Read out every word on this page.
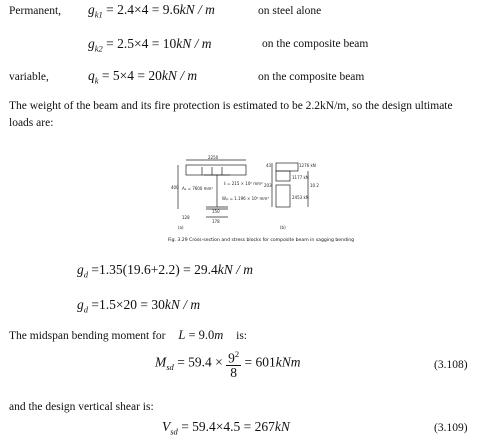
Permanent, $g_{k1} = 2.4\times 4 = 9.6kN / m$	on steel alone
$g_{k2} = 2.5\times 4 = 10kN / m$	on the composite beam
variable,	$q_k = 5\times 4 = 20kN / m$	on the composite beam
The weight of the beam and its fire protection is estimated to be 2.2kN/m, so the design ultimate loads are:
2250
400 Aₐ = 7600 mm²
Iₗ = 215 × 10⁶ mm⁴
Wₚₗ = 1.196 × 10⁶ mm³
128
178
(a)	(b)
1276 kN
1177 kN
2453 kN
203	10.2
43
150
Fig. 3.29 Cross-section and stress blocks for composite beam in sagging bending
$g_d =1.35(19.6+2.2) = 29.4kN / m$
$g_d =1.5\times 20 = 30kN / m$
The midspan bending moment for L = 9.0m is:
$M_{sd} = 59.4 \times \frac{9^2}{8} = 601kNm$	(3.108)
and the design vertical shear is:
$V_{sd} = 59.4\times 4.5 = 267kN$	(3.109)
